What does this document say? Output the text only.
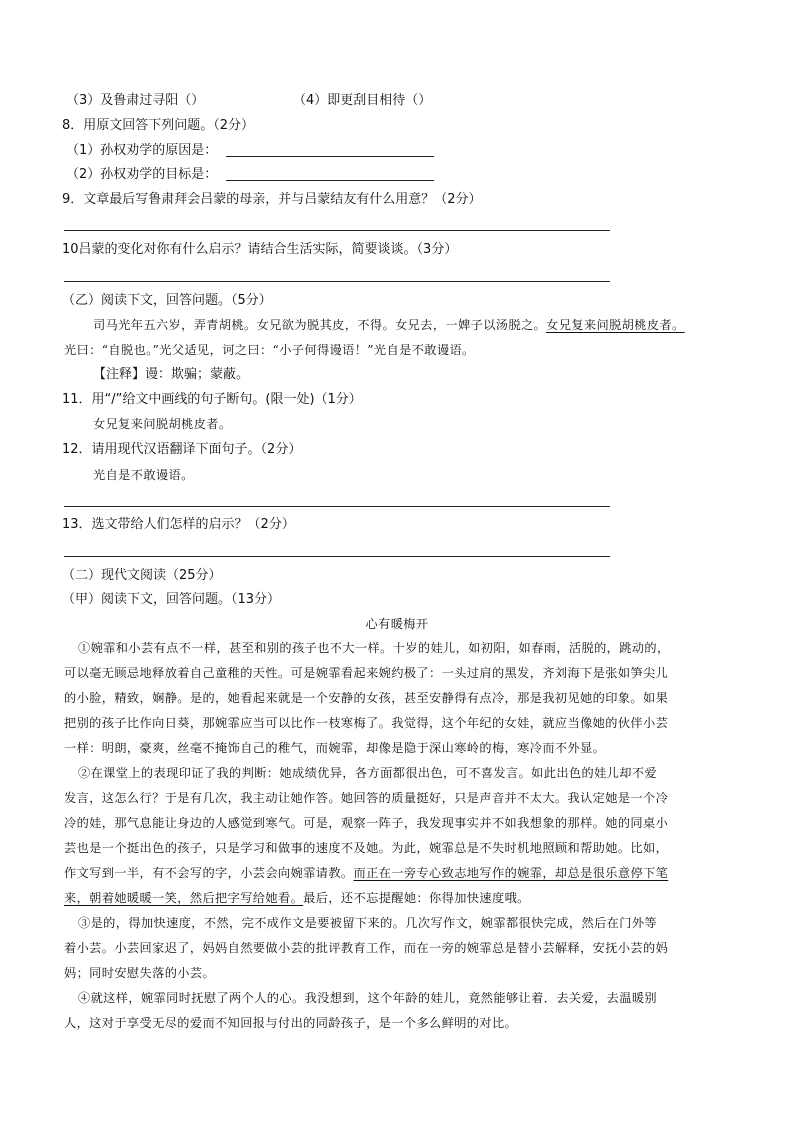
（3）及鲁肃过寻阳（）	（4）即更刮目相待（）
8．用原文回答下列问题。（2分）
（1）孙权劝学的原因是：
（2）孙权劝学的目标是：
9．文章最后写鲁肃拜会吕蒙的母亲，并与吕蒙结友有什么用意？（2分）
10吕蒙的变化对你有什么启示？请结合生活实际，简要谈谈。（3分）
（乙）阅读下文，回答问题。（5分）
司马光年五六岁，弄青胡桃。女兄欲为脱其皮，不得。女兄去，一婢子以汤脱之。女兄复来问脱胡桃皮者。
光曰：“自脱也。”光父适见，诃之曰：“小子何得谩语！”光自是不敢谩语。
【注释】谩：欺骗；蒙蔽。
11．用“/”给文中画线的句子断句。(限一处)（1分）
女兄复来问脱胡桃皮者。
12．请用现代汉语翻译下面句子。（2分）
光自是不敢谩语。
13．选文带给人们怎样的启示？（2分）
（二）现代文阅读（25分）
（甲）阅读下文，回答问题。（13分）
心有暖梅开
①婉霏和小芸有点不一样，甚至和别的孩子也不大一样。十岁的娃儿，如初阳，如春雨，活脱的，跳动的，
可以毫无顾忌地释放着自己童稚的天性。可是婉霏看起来婉约极了：一头过肩的黑发，齐刘海下是张如笋尖儿
的小脸，精致，娴静。是的，她看起来就是一个安静的女孩，甚至安静得有点冷，那是我初见她的印象。如果
把别的孩子比作向日葵，那婉霏应当可以比作一枝寒梅了。我觉得，这个年纪的女娃，就应当像她的伙伴小芸
一样：明朗，豪爽，丝毫不掩饰自己的稚气，而婉霏，却像是隐于深山寒岭的梅，寒冷而不外显。
②在课堂上的表现印证了我的判断：她成绩优异，各方面都很出色，可不喜发言。如此出色的娃儿却不爱
发言，这怎么行？于是有几次，我主动让她作答。她回答的质量挺好，只是声音并不太大。我认定她是一个冷
冷的娃，那气息能让身边的人感觉到寒气。可是，观察一阵子，我发现事实并不如我想象的那样。她的同桌小
芸也是一个挺出色的孩子，只是学习和做事的速度不及她。为此，婉霏总是不失时机地照顾和帮助她。比如，
作文写到一半，有不会写的字，小芸会向婉霏请教。而正在一旁专心致志地写作的婉霏，却总是很乐意停下笔
来，朝着她暖暖一笑，然后把字写给她看。最后，还不忘提醒她：你得加快速度哦。
③是的，得加快速度，不然，完不成作文是要被留下来的。几次写作文，婉霏都很快完成，然后在门外等
着小芸。小芸回家迟了，妈妈自然要做小芸的批评教育工作，而在一旁的婉霏总是替小芸解释，安抚小芸的妈
妈；同时安慰失落的小芸。
④就这样，婉霏同时抚慰了两个人的心。我没想到，这个年龄的娃儿，竟然能够让着．去关爱，去温暖别
人，这对于享受无尽的爱而不知回报与付出的同龄孩子，是一个多么鲜明的对比。
